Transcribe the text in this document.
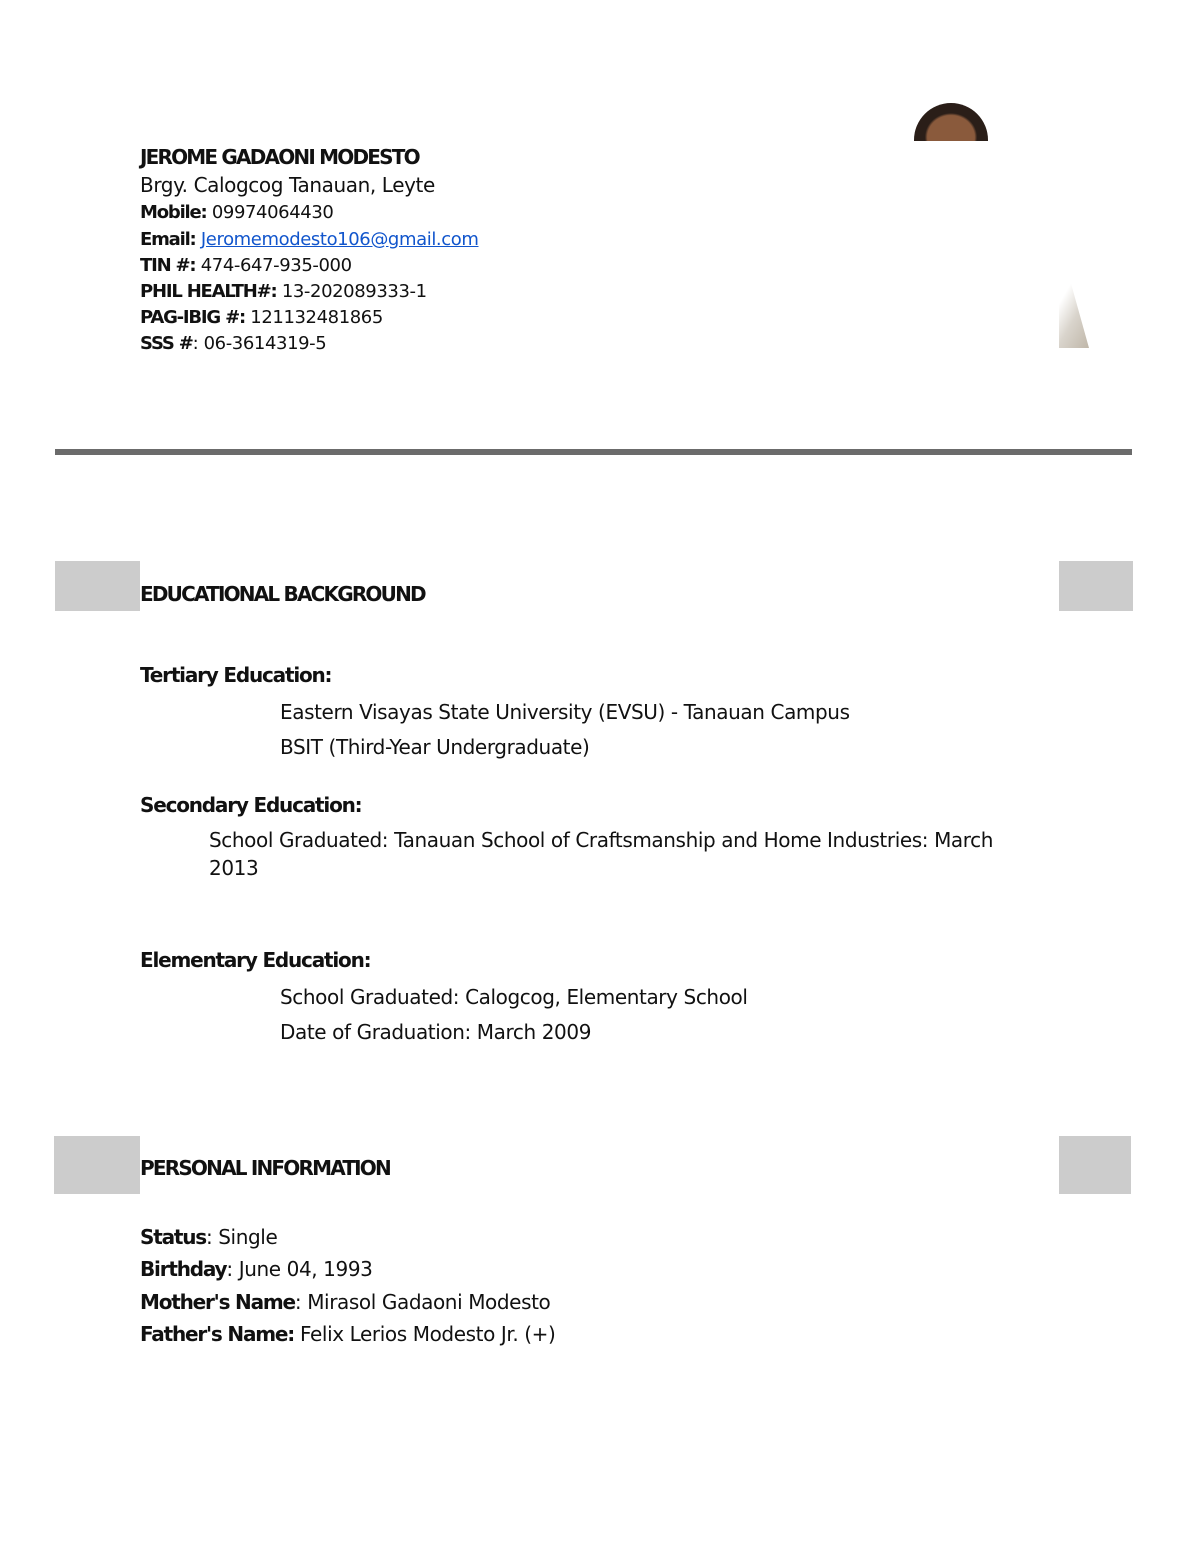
JEROME GADAONI MODESTO
Brgy. Calogcog Tanauan, Leyte
Mobile: 09974064430
Email: Jeromemodesto106@gmail.com
TIN #: 474-647-935-000
PHIL HEALTH#: 13-202089333-1
PAG-IBIG #: 121132481865
SSS #: 06-3614319-5
EDUCATIONAL BACKGROUND
Tertiary Education:
Eastern Visayas State University (EVSU) - Tanauan Campus
BSIT (Third-Year Undergraduate)
Secondary Education:
School Graduated: Tanauan School of Craftsmanship and Home Industries: March
2013
Elementary Education:
School Graduated: Calogcog, Elementary School
Date of Graduation: March 2009
PERSONAL INFORMATION
Status: Single
Birthday: June 04, 1993
Mother's Name: Mirasol Gadaoni Modesto
Father's Name: Felix Lerios Modesto Jr. (+)
